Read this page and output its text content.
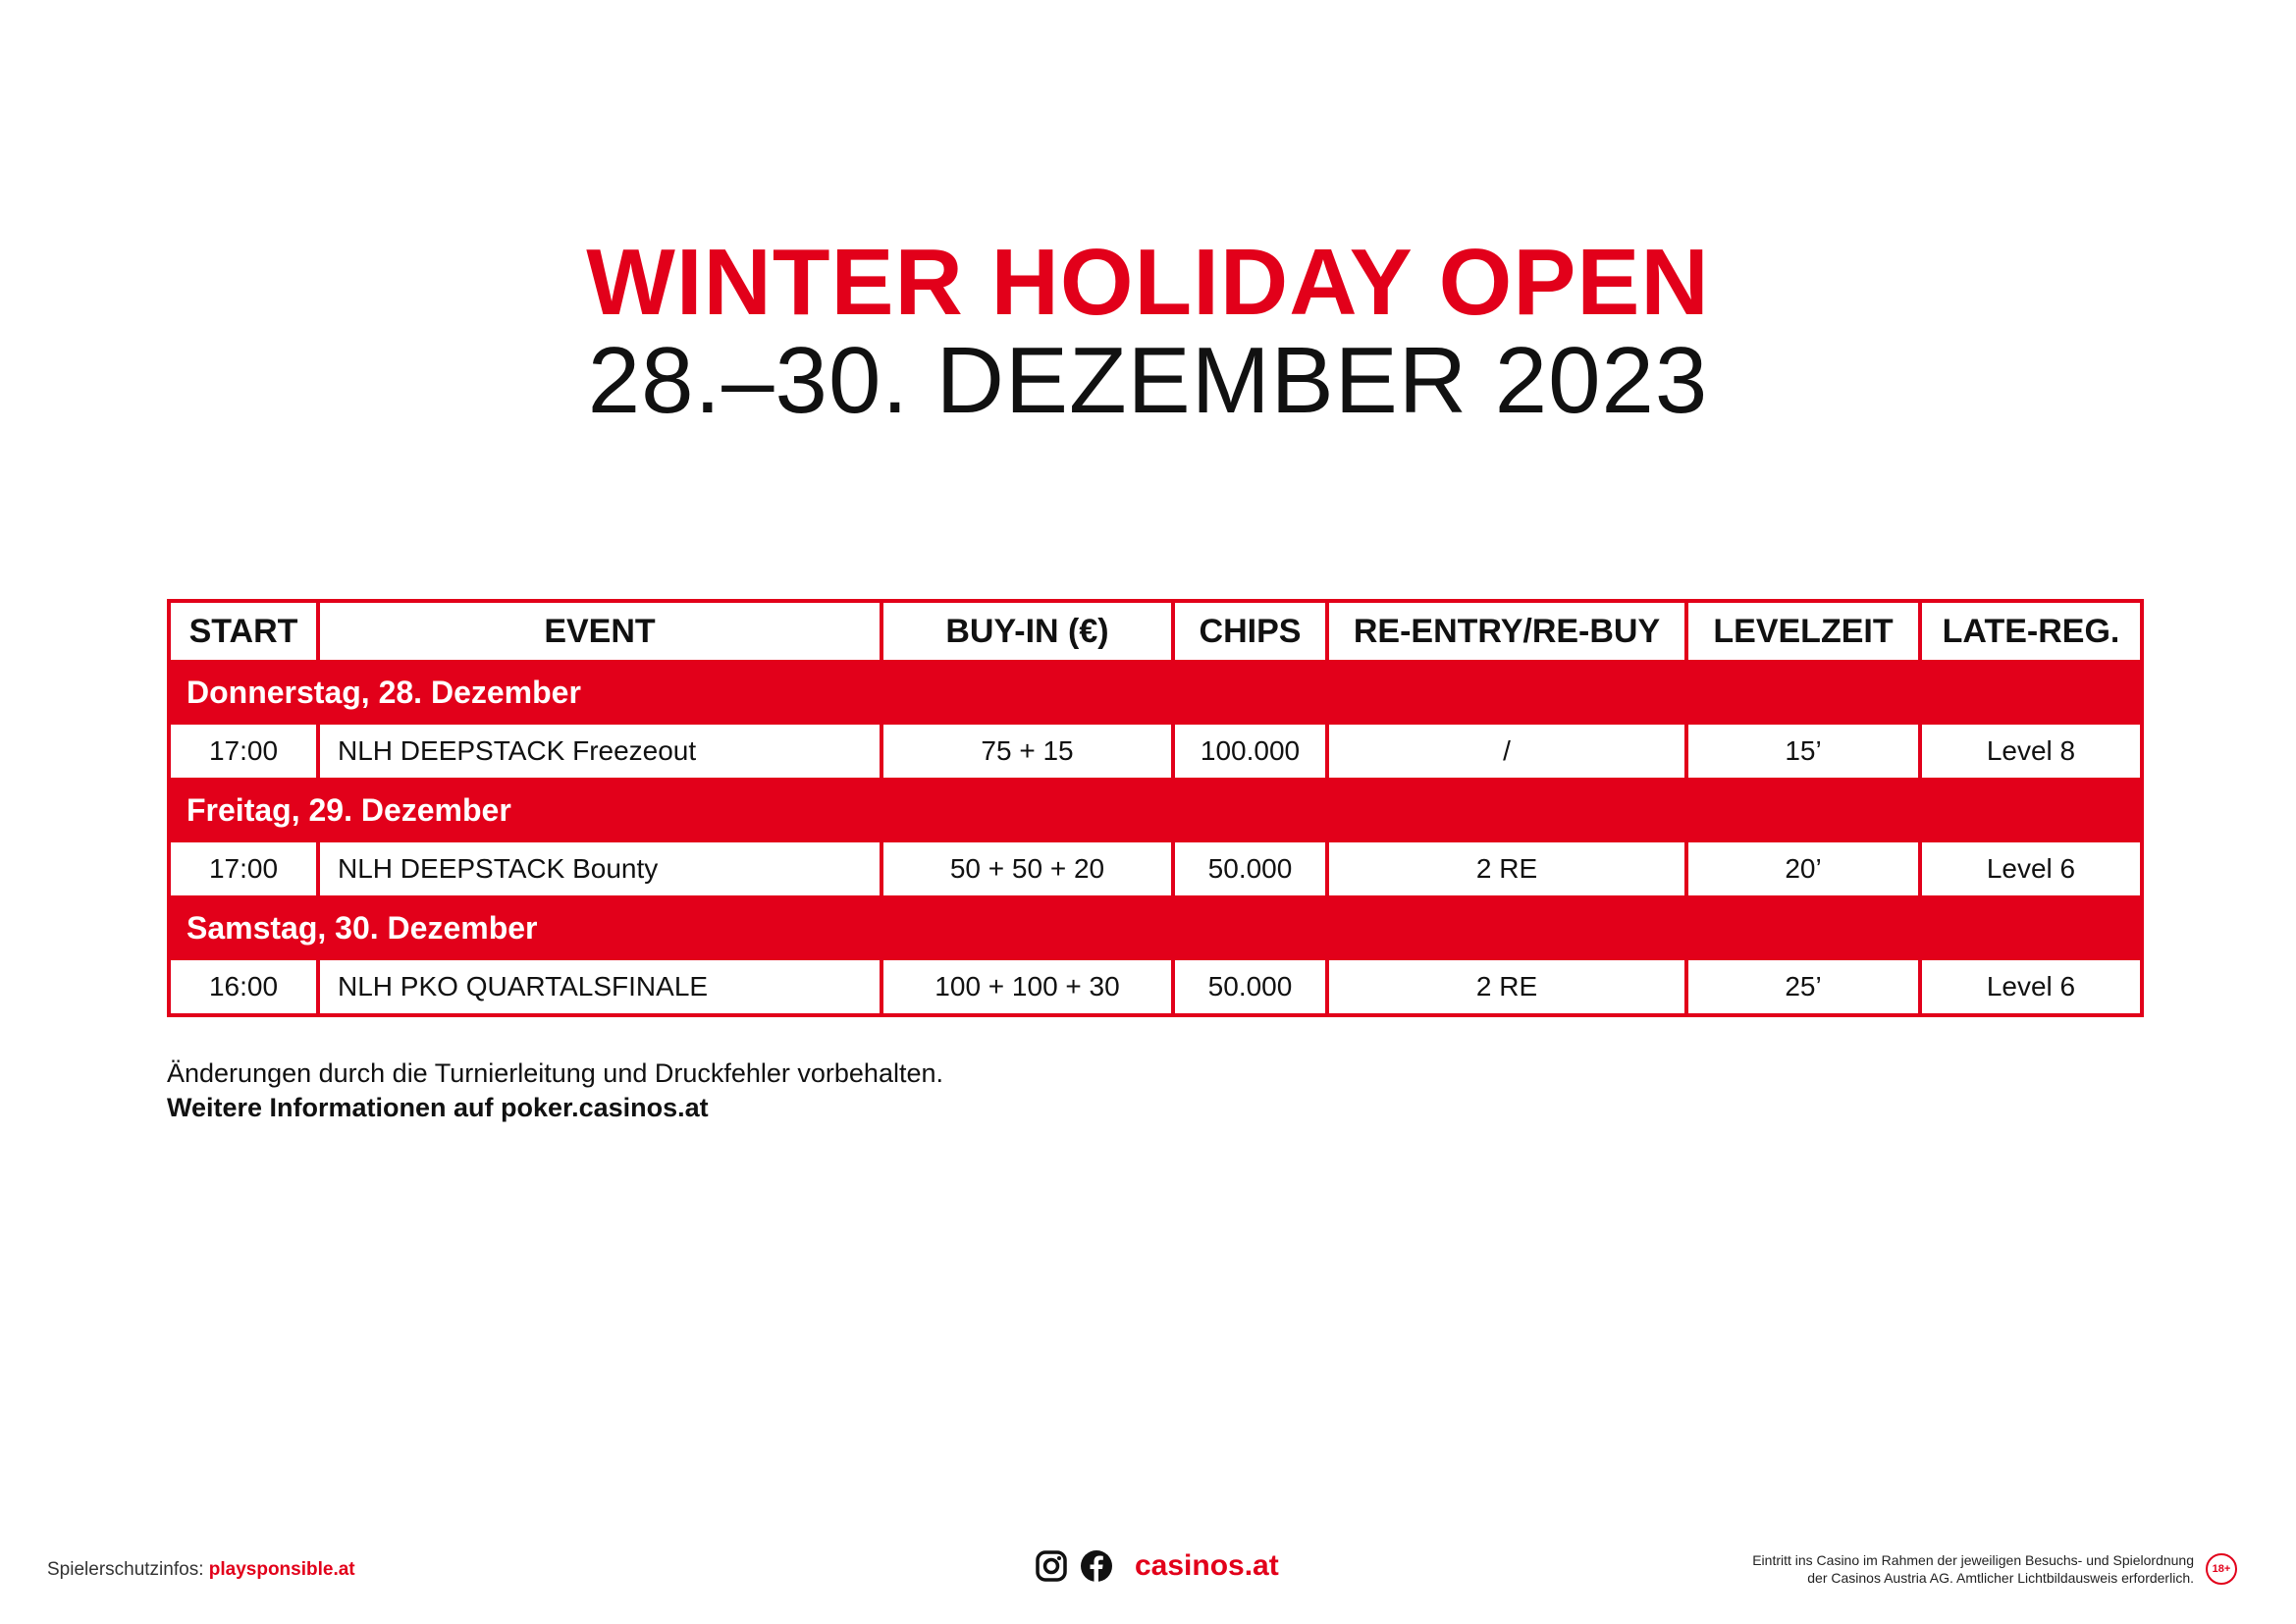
WINTER HOLIDAY OPEN
28.–30. DEZEMBER 2023
START	EVENT	BUY-IN (€)	CHIPS	RE-ENTRY/RE-BUY	LEVELZEIT	LATE-REG.
Donnerstag, 28. Dezember						
17:00	NLH DEEPSTACK Freezeout	75 + 15	100.000	/	15’	Level 8
Freitag, 29. Dezember						
17:00	NLH DEEPSTACK Bounty	50 + 50 + 20	50.000	2 RE	20’	Level 6
Samstag, 30. Dezember						
16:00	NLH PKO QUARTALSFINALE	100 + 100 + 30	50.000	2 RE	25’	Level 6
Änderungen durch die Turnierleitung und Druckfehler vorbehalten.
Weitere Informationen auf poker.casinos.at
Spielerschutzinfos: playsponsible.at	casinos.at	Eintritt ins Casino im Rahmen der jeweiligen Besuchs- und Spielordnung
der Casinos Austria AG. Amtlicher Lichtbildausweis erforderlich.
18+
